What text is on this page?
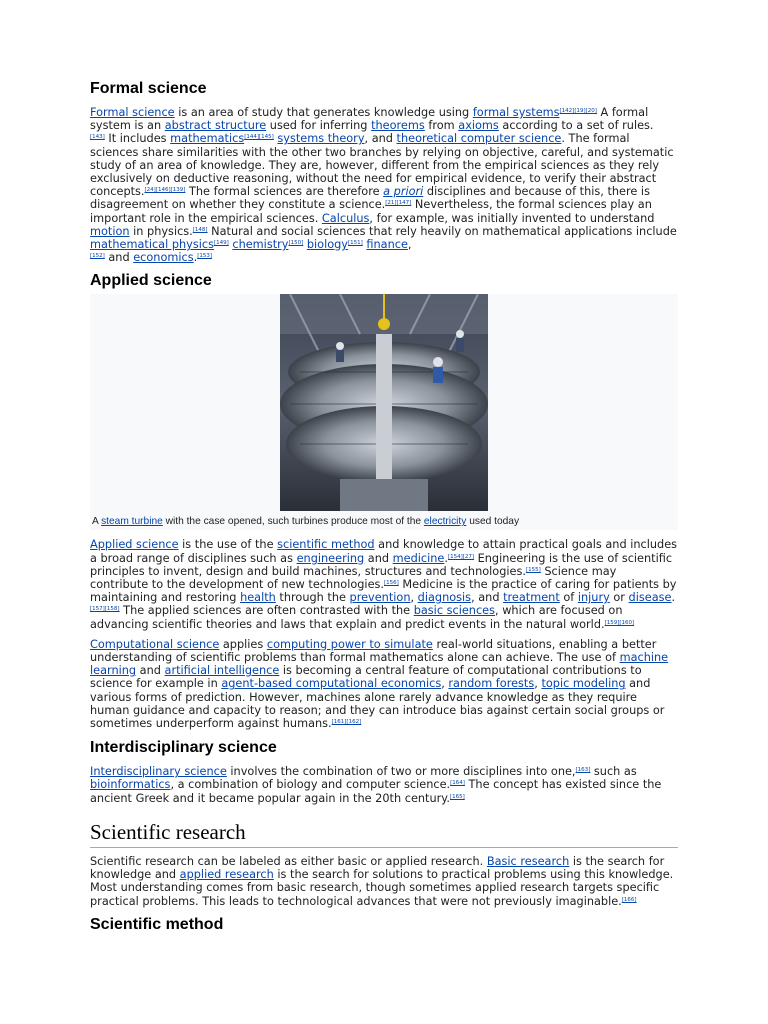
Formal science

Formal science is an area of study that generates knowledge using formal systems[142][19][20] A formal system is an abstract structure used for inferring theorems from axioms according to a set of rules.
[143] It includes mathematics[144][145] systems theory, and theoretical computer science. The formal sciences share similarities with the other two branches by relying on objective, careful, and systematic study of an area of knowledge. They are, however, different from the empirical sciences as they rely exclusively on deductive reasoning, without the need for empirical evidence, to verify their abstract concepts.[24][146][139] The formal sciences are therefore a priori disciplines and because of this, there is disagreement on whether they constitute a science.[21][147] Nevertheless, the formal sciences play an important role in the empirical sciences. Calculus, for example, was initially invented to understand motion in physics.[148] Natural and social sciences that rely heavily on mathematical applications include mathematical physics[149] chemistry[150] biology[151] finance,
[152] and economics.[153]

Applied science
A steam turbine with the case opened, such turbines produce most of the electricity used today

Applied science is the use of the scientific method and knowledge to attain practical goals and includes a broad range of disciplines such as engineering and medicine.[154][27] Engineering is the use of scientific principles to invent, design and build machines, structures and technologies.[155] Science may contribute to the development of new technologies.[156] Medicine is the practice of caring for patients by maintaining and restoring health through the prevention, diagnosis, and treatment of injury or disease.[157][158] The applied sciences are often contrasted with the basic sciences, which are focused on advancing scientific theories and laws that explain and predict events in the natural world.[159][160]

Computational science applies computing power to simulate real-world situations, enabling a better understanding of scientific problems than formal mathematics alone can achieve. The use of machine learning and artificial intelligence is becoming a central feature of computational contributions to science for example in agent-based computational economics, random forests, topic modeling and various forms of prediction. However, machines alone rarely advance knowledge as they require human guidance and capacity to reason; and they can introduce bias against certain social groups or sometimes underperform against humans.[161][162]

Interdisciplinary science

Interdisciplinary science involves the combination of two or more disciplines into one,[163] such as bioinformatics, a combination of biology and computer science.[164] The concept has existed since the ancient Greek and it became popular again in the 20th century.[165]

Scientific research

Scientific research can be labeled as either basic or applied research. Basic research is the search for knowledge and applied research is the search for solutions to practical problems using this knowledge. Most understanding comes from basic research, though sometimes applied research targets specific practical problems. This leads to technological advances that were not previously imaginable.[166]

Scientific method
